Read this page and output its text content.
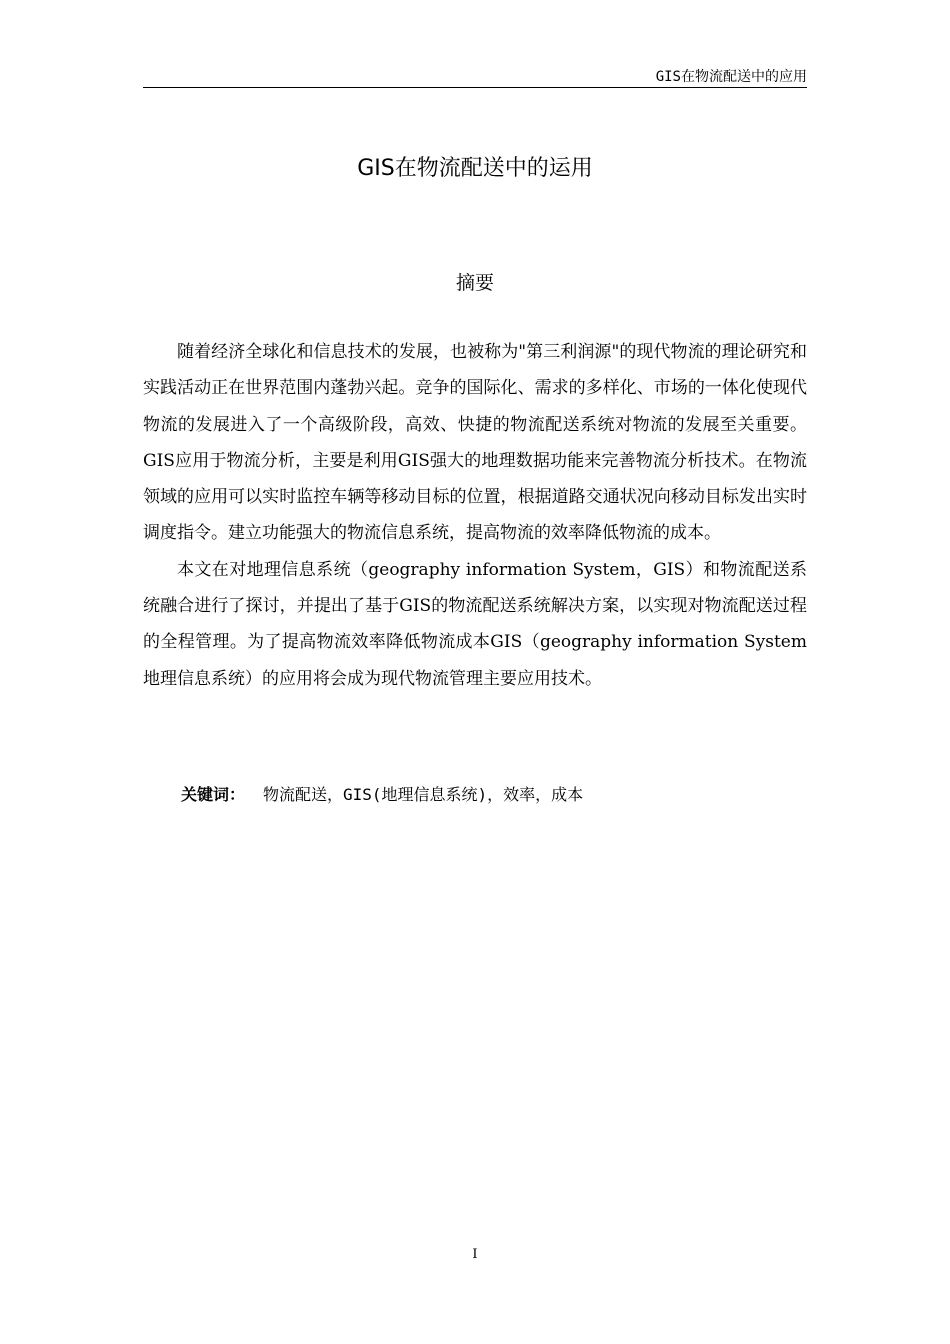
GIS在物流配送中的应用
GIS在物流配送中的运用
摘要

随着经济全球化和信息技术的发展，也被称为"第三利润源"的现代物流的理论研究和实践活动正在世界范围内蓬勃兴起。竞争的国际化、需求的多样化、市场的一体化使现代物流的发展进入了一个高级阶段，高效、快捷的物流配送系统对物流的发展至关重要。GIS应用于物流分析，主要是利用GIS强大的地理数据功能来完善物流分析技术。在物流领域的应用可以实时监控车辆等移动目标的位置，根据道路交通状况向移动目标发出实时调度指令。建立功能强大的物流信息系统，提高物流的效率降低物流的成本。

本文在对地理信息系统（geography information System，GIS）和物流配送系统融合进行了探讨，并提出了基于GIS的物流配送系统解决方案，以实现对物流配送过程的全程管理。为了提高物流效率降低物流成本GIS（geography information System地理信息系统）的应用将会成为现代物流管理主要应用技术。

关键词： 物流配送，GIS(地理信息系统)，效率，成本
I
